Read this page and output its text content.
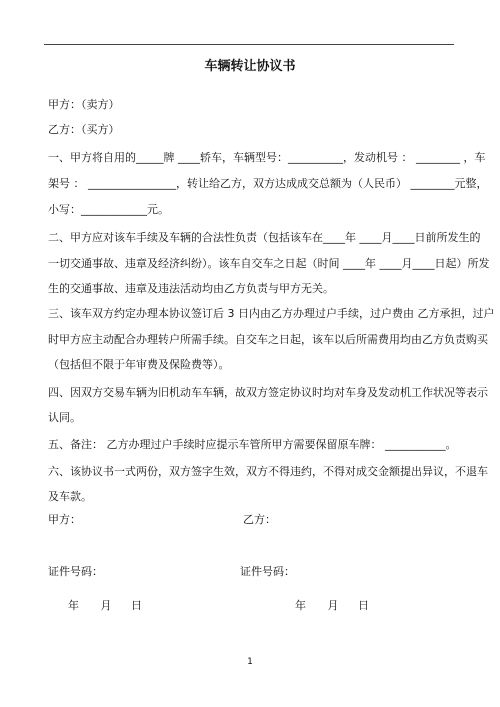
车辆转让协议书
甲方：（卖方）
乙方：（买方）
一、甲方将自用的_____牌 ____轿车，车辆型号：__________，发动机号 ： ________ ，车
架号 ： ________________，转让给乙方，双方达成成交总额为（人民币） ________元整，
小写：____________元。
二、甲方应对该车手续及车辆的合法性负责（包括该车在____年 ____月____日前所发生的
一切交通事故、违章及经济纠纷）。该车自交车之日起（时间 ____年 ____月____日起）所发
生的交通事故、违章及违法活动均由乙方负责与甲方无关。
三、该车双方约定办理本协议签订后 3 日内由乙方办理过户手续，过户费由 乙方承担，过户
时甲方应主动配合办理转户所需手续。自交车之日起，该车以后所需费用均由乙方负责购买
（包括但不限于年审费及保险费等）。
四、因双方交易车辆为旧机动车车辆，故双方签定协议时均对车身及发动机工作状况等表示
认同。
五、备注： 乙方办理过户手续时应提示车管所甲方需要保留原车牌： ___________。
六、该协议书一式两份，双方签字生效，双方不得违约，不得对成交金额提出异议，不退车
及车款。
甲方：	乙方：
证件号码：	证件号码：
年 月 日	年 月 日
1
